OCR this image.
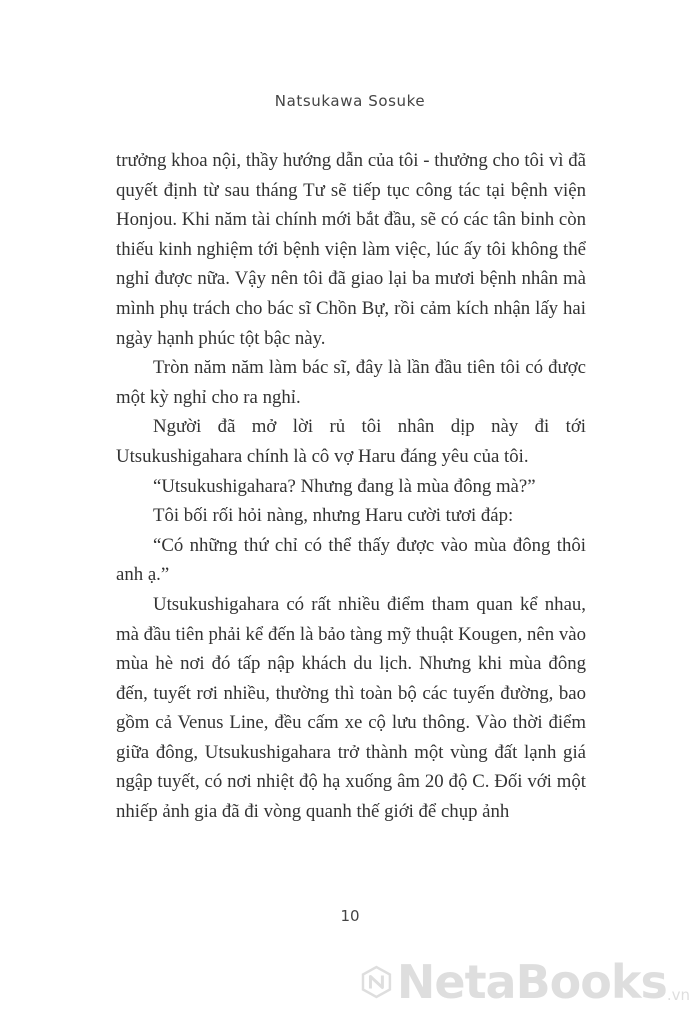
Natsukawa Sosuke

trưởng khoa nội, thầy hướng dẫn của tôi - thưởng cho tôi vì đã quyết định từ sau tháng Tư sẽ tiếp tục công tác tại bệnh viện Honjou. Khi năm tài chính mới bắt đầu, sẽ có các tân binh còn thiếu kinh nghiệm tới bệnh viện làm việc, lúc ấy tôi không thể nghỉ được nữa. Vậy nên tôi đã giao lại ba mươi bệnh nhân mà mình phụ trách cho bác sĩ Chồn Bự, rồi cảm kích nhận lấy hai ngày hạnh phúc tột bậc này.

Tròn năm năm làm bác sĩ, đây là lần đầu tiên tôi có được một kỳ nghỉ cho ra nghỉ.

Người đã mở lời rủ tôi nhân dịp này đi tới Utsukushigahara chính là cô vợ Haru đáng yêu của tôi.

“Utsukushigahara? Nhưng đang là mùa đông mà?”

Tôi bối rối hỏi nàng, nhưng Haru cười tươi đáp:

“Có những thứ chỉ có thể thấy được vào mùa đông thôi anh ạ.”

Utsukushigahara có rất nhiều điểm tham quan kể nhau, mà đầu tiên phải kể đến là bảo tàng mỹ thuật Kougen, nên vào mùa hè nơi đó tấp nập khách du lịch. Nhưng khi mùa đông đến, tuyết rơi nhiều, thường thì toàn bộ các tuyến đường, bao gồm cả Venus Line, đều cấm xe cộ lưu thông. Vào thời điểm giữa đông, Utsukushigahara trở thành một vùng đất lạnh giá ngập tuyết, có nơi nhiệt độ hạ xuống âm 20 độ C. Đối với một nhiếp ảnh gia đã đi vòng quanh thế giới để chụp ảnh

10
NetaBooks .vn
